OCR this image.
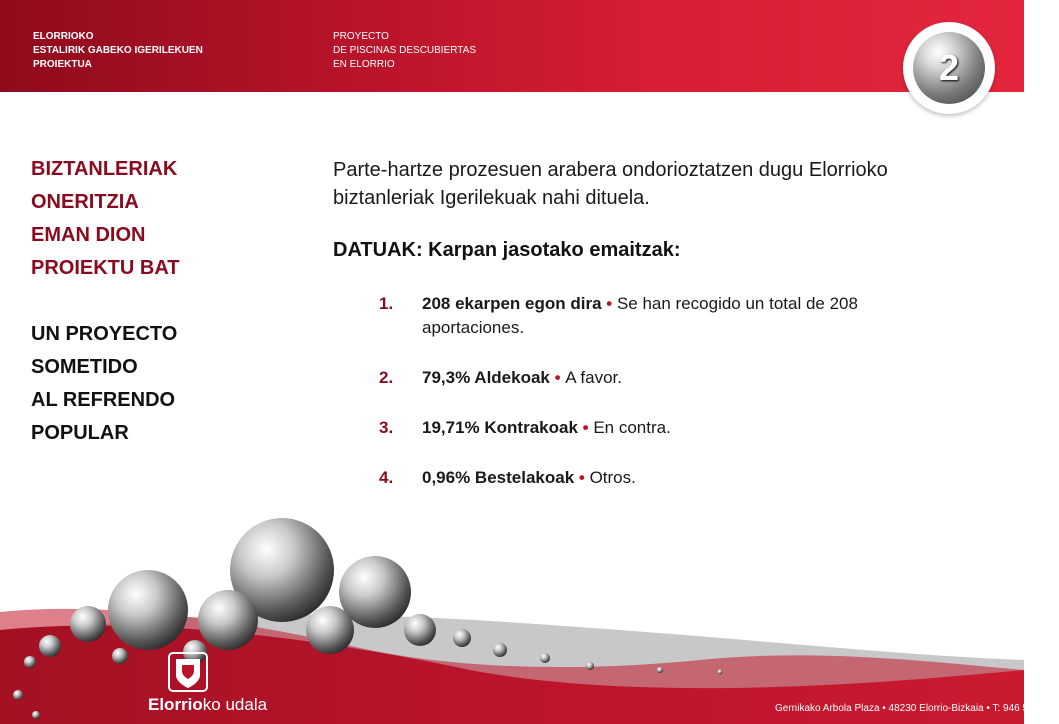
ELORRIOKO
ESTALIRIK GABEKO IGERILEKUEN
PROIEKTUA
PROYECTO
DE PISCINAS DESCUBIERTAS
EN ELORRIO	2
BIZTANLERIAK
ONERITZIA
EMAN DION
PROIEKTU BAT
UN PROYECTO
SOMETIDO
AL REFRENDO
POPULAR
Parte-hartze prozesuen arabera ondorioztatzen dugu Elorrioko biztanleriak Igerilekuak nahi dituela.
DATUAK: Karpan jasotako emaitzak:
1. 208 ekarpen egon dira • Se han recogido un total de 208 aportaciones.
2. 79,3% Aldekoak • A favor.
3. 19,71% Kontrakoak • En contra.
4. 0,96% Bestelakoak • Otros.
Elorrioko udala	Gernikako Arbola Plaza • 48230 Elorrio-Bizkaia • T: 946 582 712
